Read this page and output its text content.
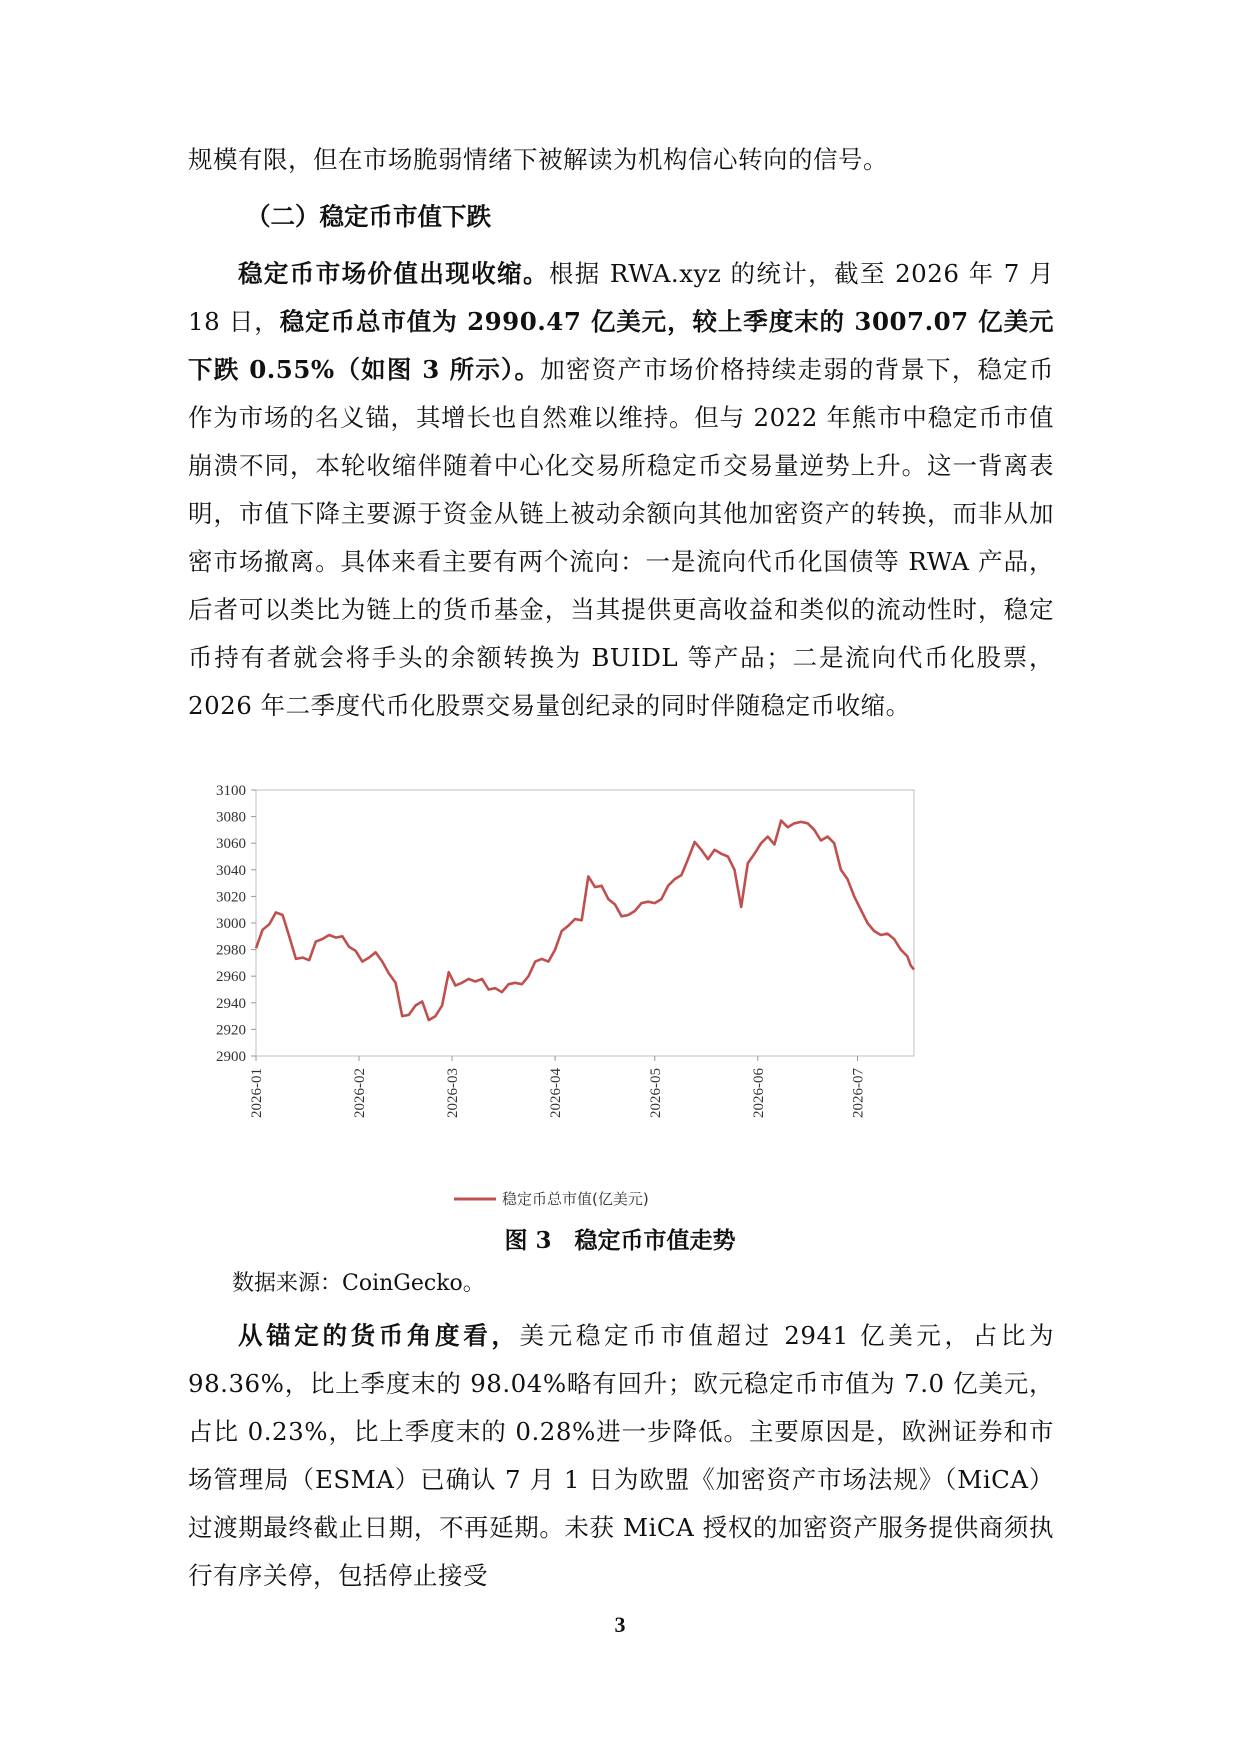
规模有限，但在市场脆弱情绪下被解读为机构信心转向的信号。

（二）稳定币市值下跌

稳定币市场价值出现收缩。根据 RWA.xyz 的统计，截至 2026 年 7 月 18 日，稳定币总市值为 2990.47 亿美元，较上季度末的 3007.07 亿美元下跌 0.55%（如图 3 所示）。加密资产市场价格持续走弱的背景下，稳定币作为市场的名义锚，其增长也自然难以维持。但与 2022 年熊市中稳定币市值崩溃不同，本轮收缩伴随着中心化交易所稳定币交易量逆势上升。这一背离表明，市值下降主要源于资金从链上被动余额向其他加密资产的转换，而非从加密市场撤离。具体来看主要有两个流向：一是流向代币化国债等 RWA 产品，后者可以类比为链上的货币基金，当其提供更高收益和类似的流动性时，稳定币持有者就会将手头的余额转换为 BUIDL 等产品；二是流向代币化股票，2026 年二季度代币化股票交易量创纪录的同时伴随稳定币收缩。

2900
2920
2940
2960
2980
3000
3020
3040
3060
3080
3100
2026-01	2026-02	2026-03	2026-04	2026-05	2026-06	2026-07
稳定币总市值(亿美元)

图 3　稳定币市值走势

数据来源：CoinGecko。

从锚定的货币角度看，美元稳定币市值超过 2941 亿美元，占比为 98.36%，比上季度末的 98.04%略有回升；欧元稳定币市值为 7.0 亿美元，占比 0.23%，比上季度末的 0.28%进一步降低。主要原因是，欧洲证券和市场管理局（ESMA）已确认 7 月 1 日为欧盟《加密资产市场法规》（MiCA）过渡期最终截止日期，不再延期。未获 MiCA 授权的加密资产服务提供商须执行有序关停，包括停止接受

3
